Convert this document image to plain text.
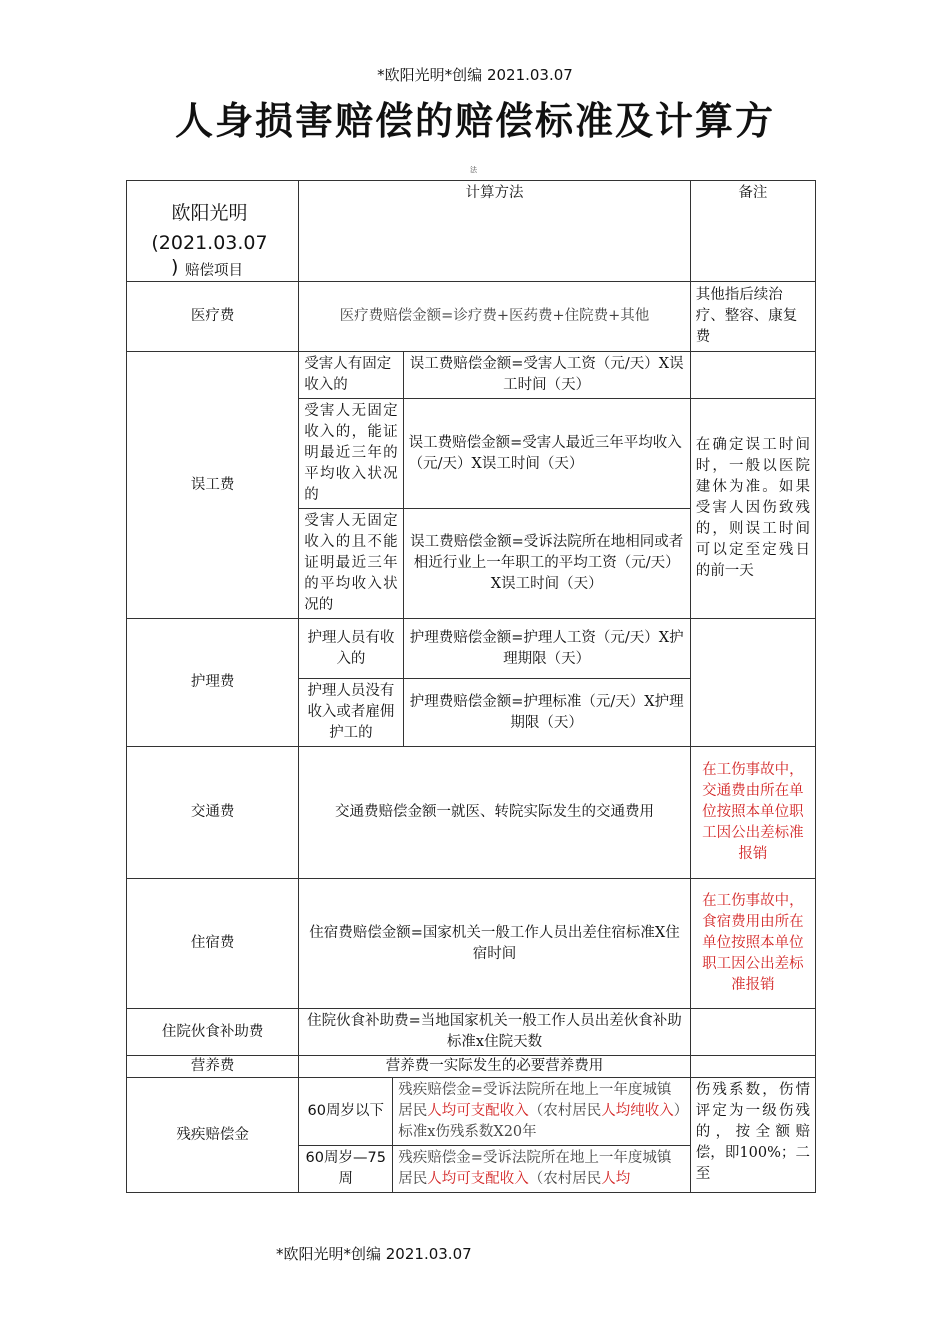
*欧阳光明*创编 2021.03.07
人身损害赔偿的赔偿标准及计算方
法
欧阳光明
(2021.03.07
) 赔偿项目	计算方法			备注
医疗费	医疗费赔偿金额=诊疗费+医药费+住院费+其他			其他指后续治疗、整容、康复费
误工费	受害人有固定收入的		误工费赔偿金额=受害人工资（元/天）X误工时间（天）	
	受害人无固定收入的，能证明最近三年的平均收入状况的		误工费赔偿金额=受害人最近三年平均收入（元/天）X误工时间（天）	在确定误工时间时，一般以医院建休为准。如果受害人因伤致残的，则误工时间可以定至定残日的前一天
	受害人无固定收入的且不能证明最近三年的平均收入状况的		误工费赔偿金额=受诉法院所在地相同或者相近行业上一年职工的平均工资（元/天）X误工时间（天）	
护理费	护理人员有收入的		护理费赔偿金额=护理人工资（元/天）X护理期限（天）	
	护理人员没有收入或者雇佣护工的		护理费赔偿金额=护理标准（元/天）X护理期限（天）	
交通费	交通费赔偿金额一就医、转院实际发生的交通费用			在工伤事故中，交通费由所在单位按照本单位职工因公出差标准报销
住宿费	住宿费赔偿金额=国家机关一般工作人员出差住宿标准X住宿时间			在工伤事故中，食宿费用由所在单位按照本单位职工因公出差标准报销
住院伙食补助费	住院伙食补助费=当地国家机关一般工作人员出差伙食补助标准x住院天数			
营养费	营养费一实际发生的必要营养费用			
残疾赔偿金	60周岁以下	残疾赔偿金=受诉法院所在地上一年度城镇居民人均可支配收入（农村居民人均纯收入）标准x伤残系数X20年		伤残系数，伤情评定为一级伤残的，按全额赔偿，即100%；二至
	60周岁—75周	残疾赔偿金=受诉法院所在地上一年度城镇居民人均可支配收入（农村居民人均		
*欧阳光明*创编 2021.03.07
